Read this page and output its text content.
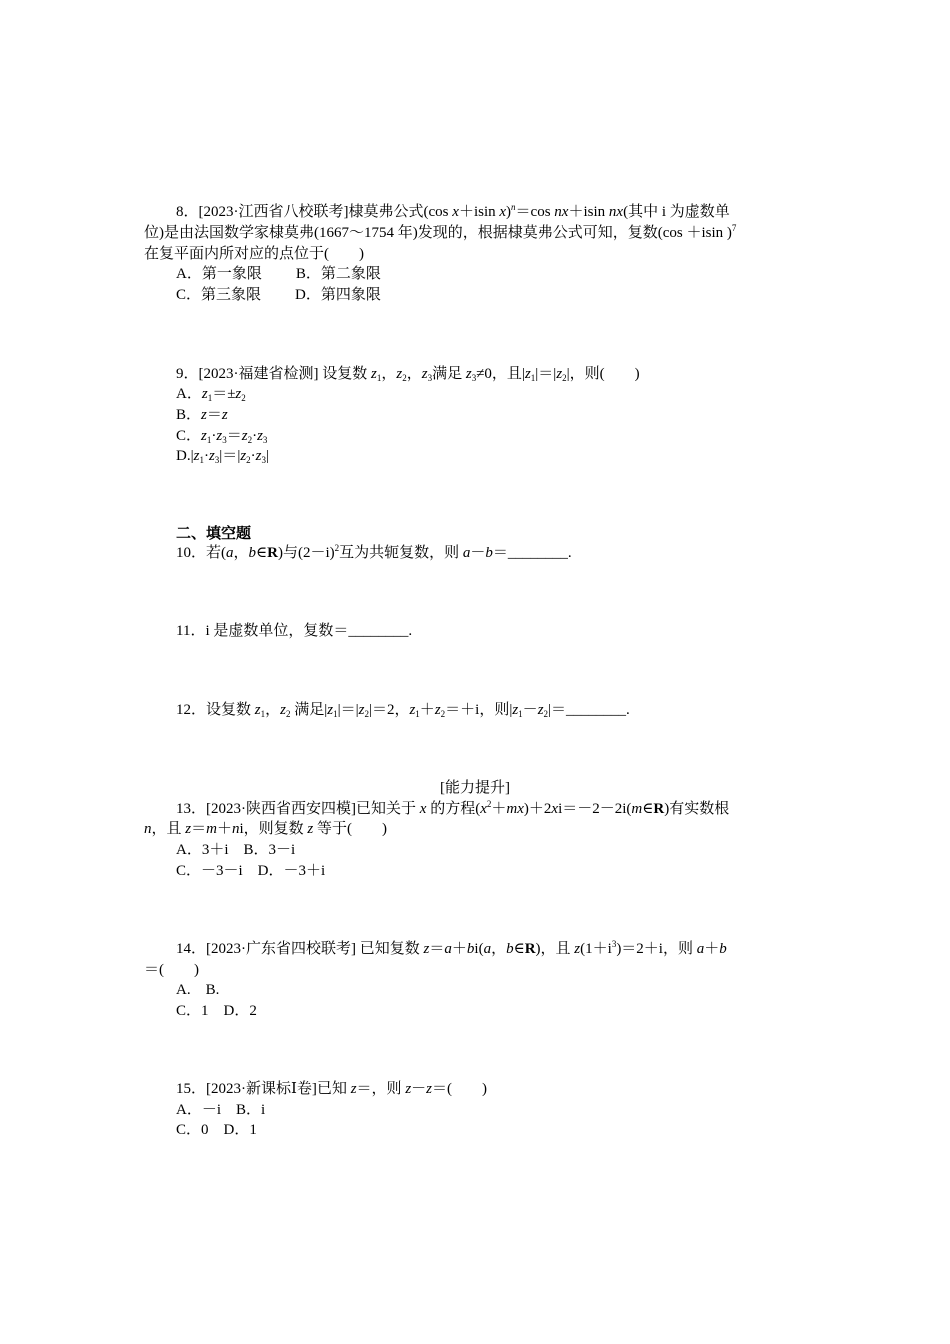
8．[2023·江西省八校联考]棣莫弗公式(cos x＋isin x)$^n$＝cos nx＋isin nx(其中 i 为虚数单
位)是由法国数学家棣莫弗(1667～1754 年)发现的，根据棣莫弗公式可知，复数(cos ＋isin )$^7$
在复平面内所对应的点位于(　　)
A．第一象限 B．第二象限
C．第三象限 D．第四象限
9．[2023·福建省检测] 设复数 $z_1$，$z_2$，$z_3$满足 $z_3\ne 0$，且$|z_1|=|z_2|$，则(　　)
A．$z_1=\pm z_2$
B．z＝z
C．$z_1\cdot z_3=z_2\cdot z_3$
$D.|z_1\cdot z_3|=|z_2\cdot z_3|$
二、填空题
10．若(a，b∈R)与$(2-i)^2$互为共轭复数，则 a－b＝________.
11．i 是虚数单位，复数＝________.
12．设复数 $z_1$，$z_2$ 满足$|z_1|=|z_2|=2$，$z_1+z_2=+i$，则$|z_1-z_2|=\_\_\_\_\_\_\_\_$.
[能力提升]
13．[2023·陕西省西安四模]已知关于 x 的方程$(x^2+mx)+2xi=-2-2i(m\in R)$有实数根
n，且 z＝m＋ni，则复数 z 等于(　　)
A．3＋i　B．3－i
C．－3－i　D．－3＋i
14．[2023·广东省四校联考] 已知复数 z＝a＋bi(a，b∈R)，且 $z(1+i^3)=2+i$，则 a＋b
＝(　　)
A.　B.
C．1　D．2
15．[2023·新课标Ⅰ卷]已知 z＝，则 z－z＝(　　)
A．－i　B．i
C．0　D．1
